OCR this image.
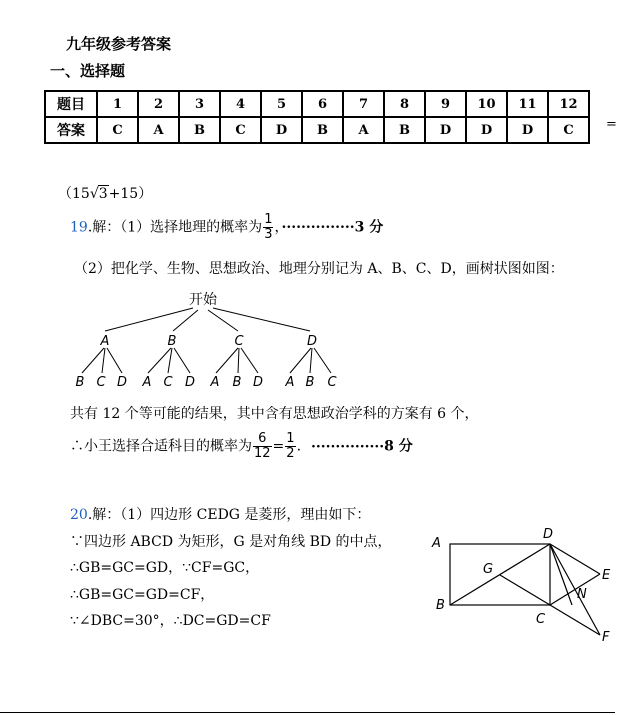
九年级参考答案
一、选择题
题目	1	2	3	4	5	6	7	8	9	10	11	12
答案	C	A	B	C	D	B	A	B	D	D	D	C =
（15√3+15）
19.解：（1）选择地理的概率为 $\frac{1}{3}$ ，···············3 分
（2）把化学、生物、思想政治、地理分别记为 A、B、C、D，画树状图如图：
开始
A	B	C	D
B C D A C D A B D A B C
共有 12 个等可能的结果，其中含有思想政治学科的方案有 6 个，
∴小王选择合适科目的概率为 $\frac{6}{12} = \frac{1}{2}$ . ···············8 分
20.解：（1）四边形 CEDG 是菱形，理由如下：
∵四边形 ABCD 为矩形，G 是对角线 BD 的中点，
∴GB=GC=GD，∵CF=GC，
∴GB=GC=GD=CF，
∵∠DBC=30°，∴DC=GD=CF
A
D
G	E
B
N
C
F
